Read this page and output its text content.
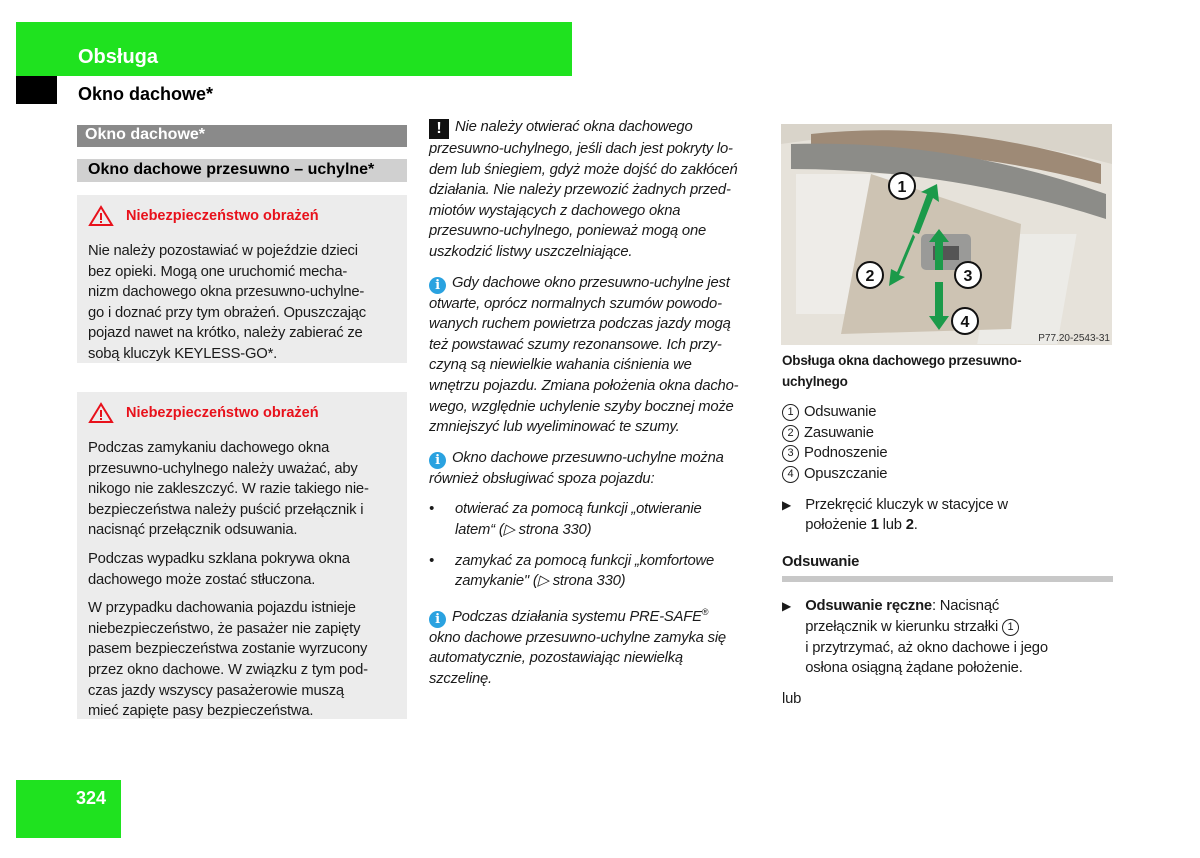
Obsługa
Okno dachowe*
Okno dachowe*
Okno dachowe przesuwno – uchylne*
Niebezpieczeństwo obrażeń
Nie należy pozostawiać w pojeździe dzieci
bez opieki. Mogą one uruchomić mecha-
nizm dachowego okna przesuwno-uchylne-
go i doznać przy tym obrażeń. Opuszczając
pojazd nawet na krótko, należy zabierać ze
sobą kluczyk KEYLESS-GO*.
Niebezpieczeństwo obrażeń
Podczas zamykaniu dachowego okna
przesuwno-uchylnego należy uważać, aby
nikogo nie zakleszczyć. W razie takiego nie-
bezpieczeństwa należy puścić przełącznik i
nacisnąć przełącznik odsuwania.
Podczas wypadku szklana pokrywa okna
dachowego może zostać stłuczona.
W przypadku dachowania pojazdu istnieje
niebezpieczeństwo, że pasażer nie zapięty
pasem bezpieczeństwa zostanie wyrzucony
przez okno dachowe. W związku z tym pod-
czas jazdy wszyscy pasażerowie muszą
mieć zapięte pasy bezpieczeństwa.
! Nie należy otwierać okna dachowego
przesuwno-uchylnego, jeśli dach jest pokryty lo-
dem lub śniegiem, gdyż może dojść do zakłóceń
działania. Nie należy przewozić żadnych przed-
miotów wystających z dachowego okna
przesuwno-uchylnego, ponieważ mogą one
uszkodzić listwy uszczelniające.
i Gdy dachowe okno przesuwno-uchylne jest
otwarte, oprócz normalnych szumów powodo-
wanych ruchem powietrza podczas jazdy mogą
też powstawać szumy rezonansowe. Ich przy-
czyną są niewielkie wahania ciśnienia we
wnętrzu pojazdu. Zmiana położenia okna dacho-
wego, względnie uchylenie szyby bocznej może
zmniejszyć lub wyeliminować te szumy.
i Okno dachowe przesuwno-uchylne można
również obsługiwać spoza pojazdu:
• otwierać za pomocą funkcji „otwieranie
latem“ (▷ strona 330)
• zamykać za pomocą funkcji „komfortowe
zamykanie" (▷ strona 330)
i Podczas działania systemu PRE-SAFE®
okno dachowe przesuwno-uchylne zamyka się
automatycznie, pozostawiając niewielką
szczelinę.
1
2	3
4
P77.20-2543-31
Obsługa okna dachowego przesuwno-
uchylnego
1 Odsuwanie
2 Zasuwanie
3 Podnoszenie
4 Opuszczanie
▶ Przekręcić kluczyk w stacyjce w
położenie 1 lub 2.
Odsuwanie
▶ Odsuwanie ręczne: Nacisnąć
przełącznik w kierunku strzałki 1
i przytrzymać, aż okno dachowe i jego
osłona osiągną żądane położenie.
lub
324
